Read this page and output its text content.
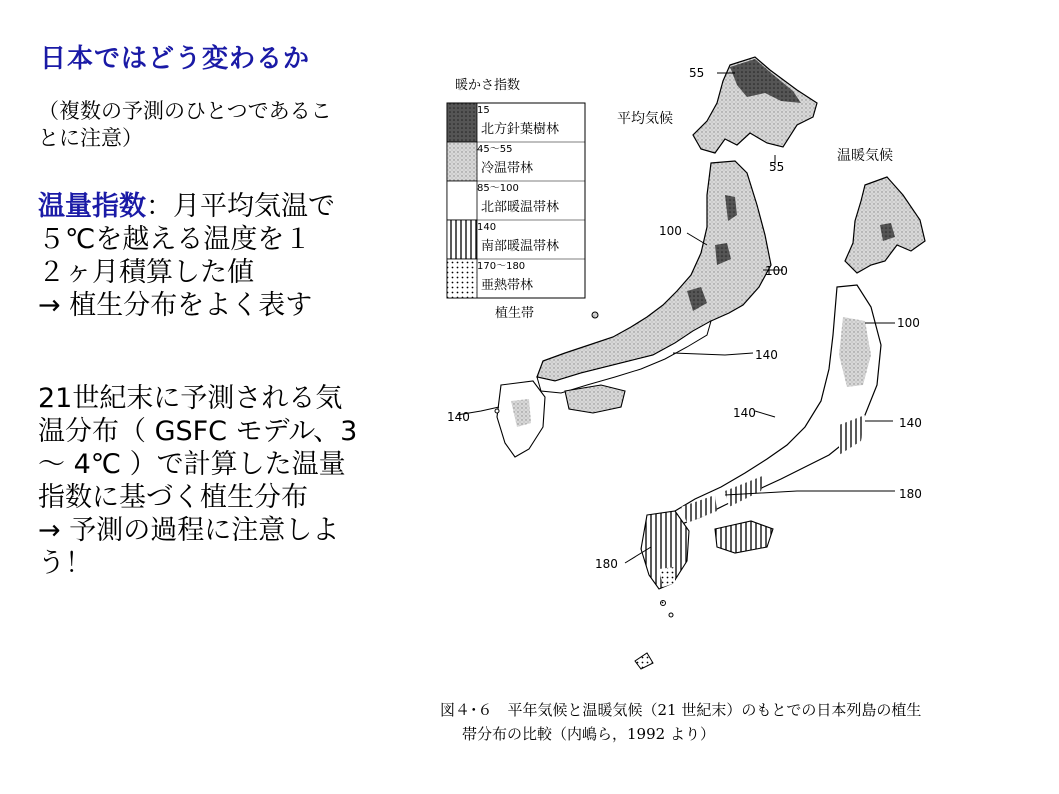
日本ではどう変わるか
（複数の予測のひとつであるこ
とに注意）
温量指数：月平均気温で
５℃を越える温度を１
２ヶ月積算した値
→ 植生分布をよく表す
21世紀末に予測される気
温分布（ GSFC モデル、3
～ 4℃ ）で計算した温量
指数に基づく植生分布
→ 予測の過程に注意しよ
う！
暖かさ指数
15
北方針葉樹林
45～55
冷温帯林
85～100
北部暖温帯林
140
南部暖温帯林
170～180
亜熱帯林
植生帯
平均気候
温暖気候
55
55
100
100
140
140
180
100
140
140
180
図４･６　平年気候と温暖気候（21 世紀末）のもとでの日本列島の植生
帯分布の比較（内嶋ら，1992 より）
